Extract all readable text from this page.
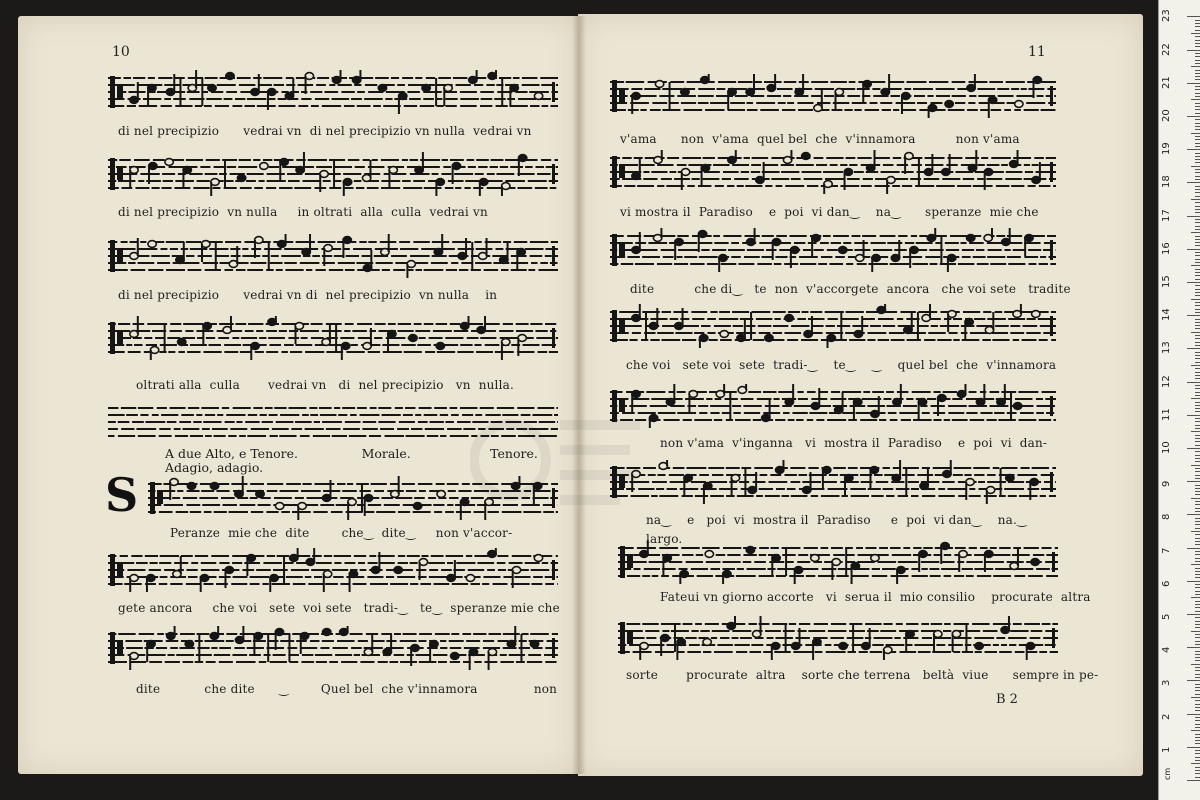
10
di nel precipizio      vedrai vn  di nel precipizio vn nulla  vedrai vn
di nel precipizio  vn nulla     in oltrati  alla  culla  vedrai vn
di nel precipizio      vedrai vn di  nel precipizio  vn nulla    in
oltrati alla  culla       vedrai vn   di  nel precipizio   vn  nulla.
A due Alto, e Tenore.                Morale.                    Tenore.
Adagio, adagio.
S
Peranze  mie che  dite        che‿  dite‿     non v'accor-
gete ancora     che voi   sete  voi sete   tradi-‿   te‿  speranze mie che
dite           che dite      ‿        Quel bel  che v'innamora              non
11
v'ama      non  v'ama  quel bel  che  v'innamora          non v'ama
vi mostra il  Paradiso    e  poi  vi dan‿    na‿      speranze  mie che
dite          che di‿   te  non  v'accorgete  ancora   che voi sete   tradite
che voi   sete voi  sete  tradi-‿    te‿    ‿    quel bel  che  v'innamora
non v'ama  v'inganna   vi  mostra il  Paradiso    e  poi  vi  dan-
na‿    e   poi  vi  mostra il  Paradiso     e  poi  vi dan‿    na.‿
largo.
Fateui vn giorno accorte   vi  serua il  mio consilio    procurate  altra
sorte       procurate  altra    sorte che terrena   beltà  viue      sempre in pe-
B 2
cm
1
2
3
4
5
6
7
8
9
10
11
12
13
14
15
16
17
18
19
20
21
22
23
